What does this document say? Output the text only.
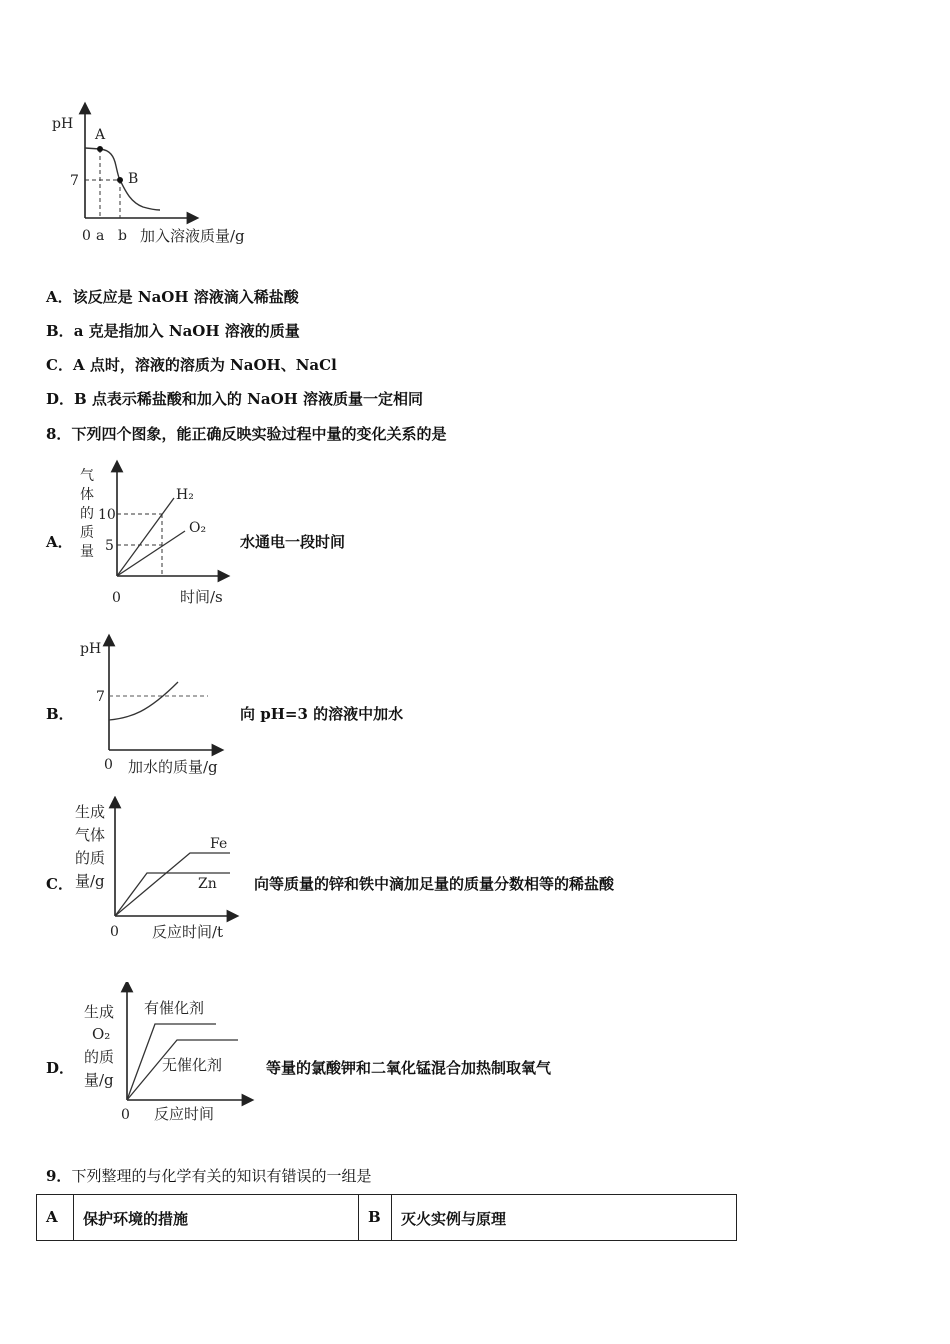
pH
7
A
B
0 a b 加入溶液质量/g
A．该反应是 NaOH 溶液滴入稀盐酸
B．a 克是指加入 NaOH 溶液的质量
C．A 点时，溶液的溶质为 NaOH、NaCl
D．B 点表示稀盐酸和加入的 NaOH 溶液质量一定相同
8．下列四个图象，能正确反映实验过程中量的变化关系的是
A．
气
体
的
质
量
10
5
H₂
O₂
0	时间/s
水通电一段时间
B．
pH
7
0 加水的质量/g
向 pH=3 的溶液中加水
C．
生成
气体
的质
量/g
Fe
Zn
0 反应时间/t
向等质量的锌和铁中滴加足量的质量分数相等的稀盐酸
D．
有催化剂
无催化剂
生成
O₂
的质
量/g
0 反应时间
等量的氯酸钾和二氧化锰混合加热制取氧气
9．下列整理的与化学有关的知识有错误的一组是
A	保护环境的措施	B	灭火实例与原理
